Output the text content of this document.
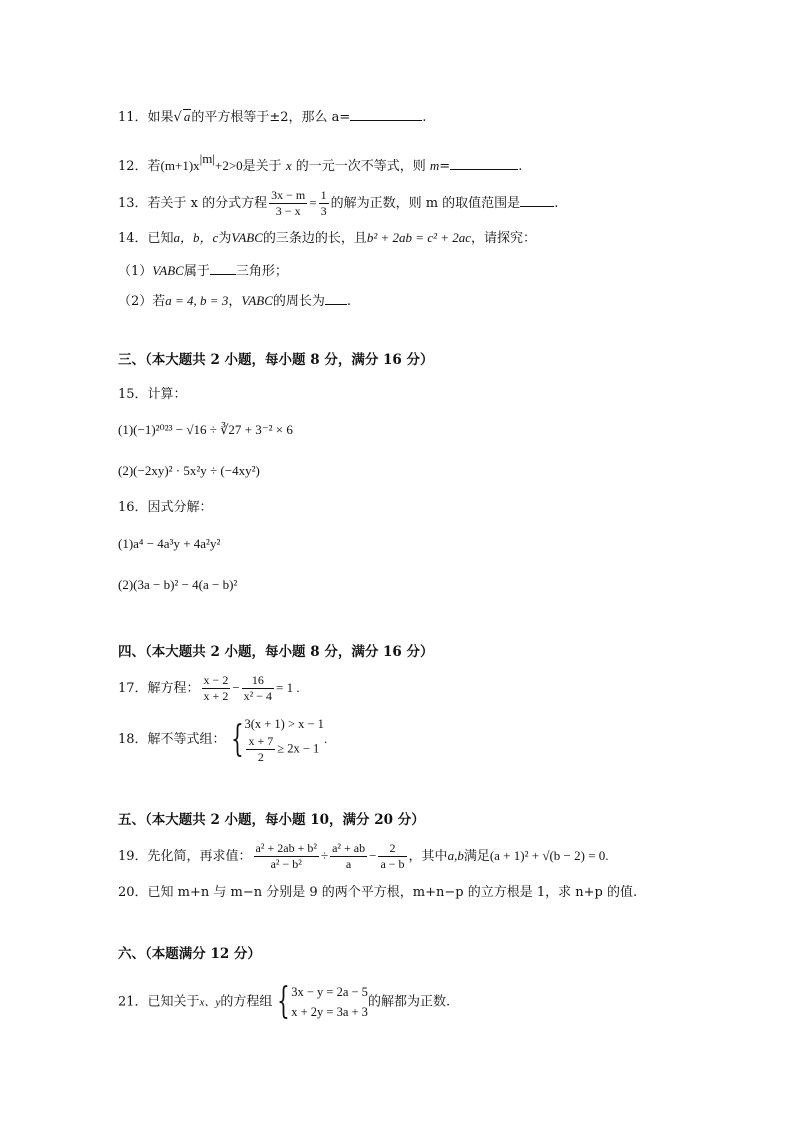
11．如果√ a的平方根等于±2，那么 a=	.
12．若$(m+1)x^{|m|}+2>0$是关于 x 的一元一次不等式，则 m=	.
13．若关于 x 的分式方程 $\frac{3x - m}{3 - x} = \frac{1}{3}$ 的解为正数，则 m 的取值范围是	.
14．已知a，b，c为VABC的三条边的长，且b² + 2ab = c² + 2ac，请探究：
（1）VABC属于 三角形；
（2）若a = 4, b = 3，VABC的周长为 .
三、（本大题共 2 小题，每小题 8 分，满分 16 分）
15．计算：
(1)(−1)²⁰²³ − √16 ÷ ∛27 + 3⁻² × 6
(2)(−2xy)² · 5x²y ÷ (−4xy²)
16．因式分解：
(1)a⁴ − 4a³y + 4a²y²
(2)(3a − b)² − 4(a − b)²
四、（本大题共 2 小题，每小题 8 分，满分 16 分）
17．解方程： $\frac{x - 2}{x + 2} - \frac{16}{\text{x² − 4}} = 1$ .
18．解不等式组： { 3(x + 1) > x − 1
$\frac{x + 7}{2} \ge 2x - 1$
.
五、（本大题共 2 小题，每小题 10，满分 20 分）
19．先化简，再求值： $\frac{\text{a² + 2ab + b²}}{\text{a² − b²}} \div \frac{\text{a² + ab}}{a} - \frac{2}{a - b}$ ，其中a,b满足(a + 1)² + √(b − 2) = 0.
20．已知 m+n 与 m−n 分别是 9 的两个平方根，m+n−p 的立方根是 1，求 n+p 的值.
六、（本题满分 12 分）
21．已知关于x、y的方程组 { 3x − y = 2a − 5
x + 2y = 3a + 3
的解都为正数.
